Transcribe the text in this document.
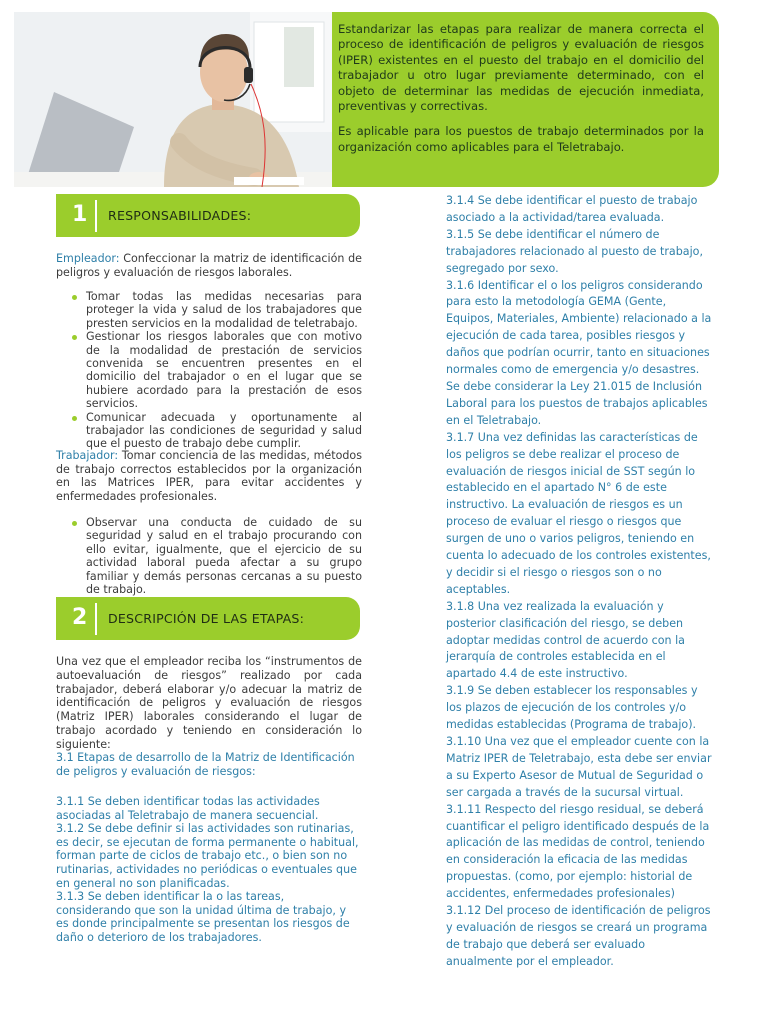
Estandarizar las etapas para realizar de manera correcta el proceso de identificación de peligros y evaluación de riesgos (IPER) existentes en el puesto del trabajo en el domicilio del trabajador u otro lugar previamente determinado, con el objeto de determinar las medidas de ejecución inmediata, preventivas y correctivas.

Es aplicable para los puestos de trabajo determinados por la organización como aplicables para el Teletrabajo.

1 RESPONSABILIDADES:
Empleador: Confeccionar la matriz de identificación de peligros y evaluación de riesgos laborales.
Tomar todas las medidas necesarias para proteger la vida y salud de los trabajadores que presten servicios en la modalidad de teletrabajo.
Gestionar los riesgos laborales que con motivo de la modalidad de prestación de servicios convenida se encuentren presentes en el domicilio del trabajador o en el lugar que se hubiere acordado para la prestación de esos servicios.
Comunicar adecuada y oportunamente al trabajador las condiciones de seguridad y salud que el puesto de trabajo debe cumplir.
Trabajador: Tomar conciencia de las medidas, métodos de trabajo correctos establecidos por la organización en las Matrices IPER, para evitar accidentes y enfermedades profesionales.
Observar una conducta de cuidado de su seguridad y salud en el trabajo procurando con ello evitar, igualmente, que el ejercicio de su actividad laboral pueda afectar a su grupo familiar y demás personas cercanas a su puesto de trabajo.
2 DESCRIPCIÓN DE LAS ETAPAS:
Una vez que el empleador reciba los “instrumentos de autoevaluación de riesgos” realizado por cada trabajador, deberá elaborar y/o adecuar la matriz de identificación de peligros y evaluación de riesgos (Matriz IPER) laborales considerando el lugar de trabajo acordado y teniendo en consideración lo siguiente:
3.1 Etapas de desarrollo de la Matriz de Identificación de peligros y evaluación de riesgos:
3.1.1 Se deben identificar todas las actividades asociadas al Teletrabajo de manera secuencial.
3.1.2 Se debe definir si las actividades son rutinarias, es decir, se ejecutan de forma permanente o habitual, forman parte de ciclos de trabajo etc., o bien son no rutinarias, actividades no periódicas o eventuales que en general no son planificadas.
3.1.3 Se deben identificar la o las tareas, considerando que son la unidad última de trabajo, y es donde principalmente se presentan los riesgos de daño o deterioro de los trabajadores.
3.1.4 Se debe identificar el puesto de trabajo asociado a la actividad/tarea evaluada.
3.1.5 Se debe identificar el número de trabajadores relacionado al puesto de trabajo, segregado por sexo.
3.1.6 Identificar el o los peligros considerando para esto la metodología GEMA (Gente, Equipos, Materiales, Ambiente) relacionado a la ejecución de cada tarea, posibles riesgos y daños que podrían ocurrir, tanto en situaciones normales como de emergencia y/o desastres. Se debe considerar la Ley 21.015 de Inclusión Laboral para los puestos de trabajos aplicables en el Teletrabajo.
3.1.7 Una vez definidas las características de los peligros se debe realizar el proceso de evaluación de riesgos inicial de SST según lo establecido en el apartado N° 6 de este instructivo. La evaluación de riesgos es un proceso de evaluar el riesgo o riesgos que surgen de uno o varios peligros, teniendo en cuenta lo adecuado de los controles existentes, y decidir si el riesgo o riesgos son o no aceptables.
3.1.8 Una vez realizada la evaluación y posterior clasificación del riesgo, se deben adoptar medidas control de acuerdo con la jerarquía de controles establecida en el apartado 4.4 de este instructivo.
3.1.9 Se deben establecer los responsables y los plazos de ejecución de los controles y/o medidas establecidas (Programa de trabajo).
3.1.10 Una vez que el empleador cuente con la Matriz IPER de Teletrabajo, esta debe ser enviar a su Experto Asesor de Mutual de Seguridad o ser cargada a través de la sucursal virtual.
3.1.11 Respecto del riesgo residual, se deberá cuantificar el peligro identificado después de la aplicación de las medidas de control, teniendo en consideración la eficacia de las medidas propuestas. (como, por ejemplo: historial de accidentes, enfermedades profesionales)
3.1.12 Del proceso de identificación de peligros y evaluación de riesgos se creará un programa de trabajo que deberá ser evaluado anualmente por el empleador.
